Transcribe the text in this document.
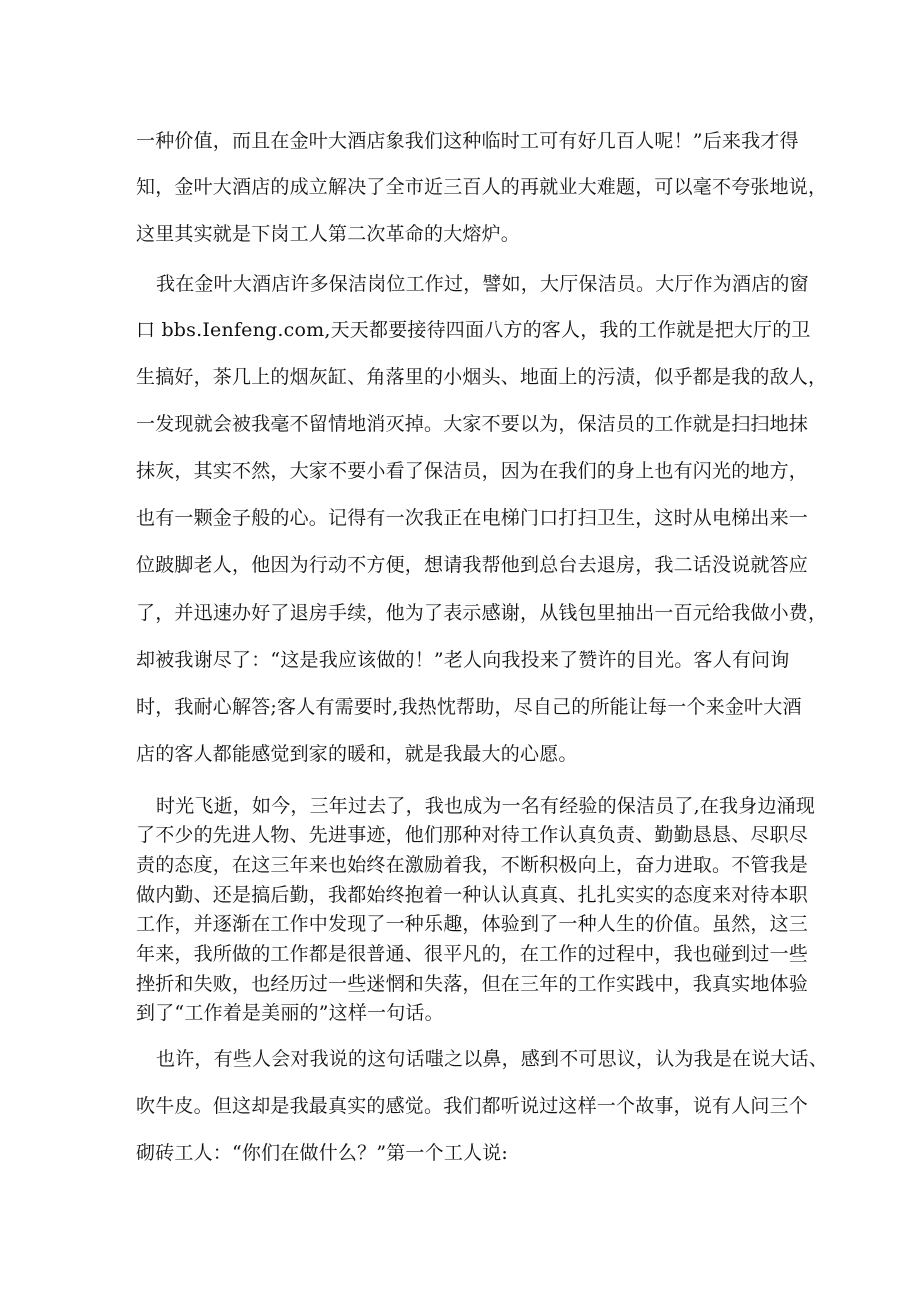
一种价值，而且在金叶大酒店象我们这种临时工可有好几百人呢！”后来我才得
知，金叶大酒店的成立解决了全市近三百人的再就业大难题，可以毫不夸张地说，
这里其实就是下岗工人第二次革命的大熔炉。
我在金叶大酒店许多保洁岗位工作过，譬如，大厅保洁员。大厅作为酒店的窗
口 bbs.Ienfeng.com,天天都要接待四面八方的客人，我的工作就是把大厅的卫
生搞好，茶几上的烟灰缸、角落里的小烟头、地面上的污渍，似乎都是我的敌人，
一发现就会被我毫不留情地消灭掉。大家不要以为，保洁员的工作就是扫扫地抹
抹灰，其实不然，大家不要小看了保洁员，因为在我们的身上也有闪光的地方，
也有一颗金子般的心。记得有一次我正在电梯门口打扫卫生，这时从电梯出来一
位跛脚老人，他因为行动不方便，想请我帮他到总台去退房，我二话没说就答应
了，并迅速办好了退房手续，他为了表示感谢，从钱包里抽出一百元给我做小费，
却被我谢尽了：“这是我应该做的！”老人向我投来了赞许的目光。客人有问询
时，我耐心解答;客人有需要时,我热忱帮助，尽自己的所能让每一个来金叶大酒
店的客人都能感觉到家的暖和，就是我最大的心愿。
时光飞逝，如今，三年过去了，我也成为一名有经验的保洁员了,在我身边涌现
了不少的先进人物、先进事迹，他们那种对待工作认真负责、勤勤恳恳、尽职尽
责的态度，在这三年来也始终在激励着我，不断积极向上，奋力进取。不管我是
做内勤、还是搞后勤，我都始终抱着一种认认真真、扎扎实实的态度来对待本职
工作，并逐渐在工作中发现了一种乐趣，体验到了一种人生的价值。虽然，这三
年来，我所做的工作都是很普通、很平凡的，在工作的过程中，我也碰到过一些
挫折和失败，也经历过一些迷惘和失落，但在三年的工作实践中，我真实地体验
到了“工作着是美丽的”这样一句话。
也许，有些人会对我说的这句话嗤之以鼻，感到不可思议，认为我是在说大话、
吹牛皮。但这却是我最真实的感觉。我们都听说过这样一个故事，说有人问三个
砌砖工人：“你们在做什么？”第一个工人说:
